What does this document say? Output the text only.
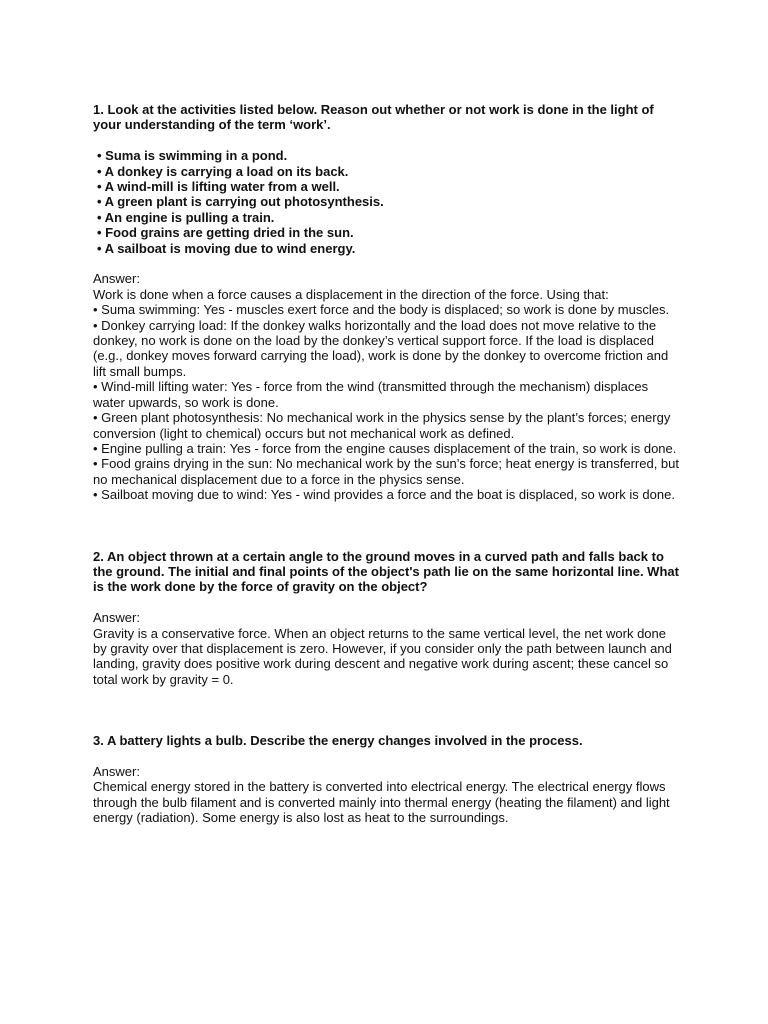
1. Look at the activities listed below. Reason out whether or not work is done in the light of your understanding of the term ‘work’.

• Suma is swimming in a pond.
• A donkey is carrying a load on its back.
• A wind-mill is lifting water from a well.
• A green plant is carrying out photosynthesis.
• An engine is pulling a train.
• Food grains are getting dried in the sun.
• A sailboat is moving due to wind energy.

Answer:

Work is done when a force causes a displacement in the direction of the force. Using that:

• Suma swimming: Yes - muscles exert force and the body is displaced; so work is done by muscles.

• Donkey carrying load: If the donkey walks horizontally and the load does not move relative to the donkey, no work is done on the load by the donkey’s vertical support force. If the load is displaced (e.g., donkey moves forward carrying the load), work is done by the donkey to overcome friction and lift small bumps.

• Wind-mill lifting water: Yes - force from the wind (transmitted through the mechanism) displaces water upwards, so work is done.

• Green plant photosynthesis: No mechanical work in the physics sense by the plant’s forces; energy conversion (light to chemical) occurs but not mechanical work as defined.

• Engine pulling a train: Yes - force from the engine causes displacement of the train, so work is done.

• Food grains drying in the sun: No mechanical work by the sun’s force; heat energy is transferred, but no mechanical displacement due to a force in the physics sense.

• Sailboat moving due to wind: Yes - wind provides a force and the boat is displaced, so work is done.

2. An object thrown at a certain angle to the ground moves in a curved path and falls back to the ground. The initial and final points of the object's path lie on the same horizontal line. What is the work done by the force of gravity on the object?

Answer:

Gravity is a conservative force. When an object returns to the same vertical level, the net work done by gravity over that displacement is zero. However, if you consider only the path between launch and landing, gravity does positive work during descent and negative work during ascent; these cancel so total work by gravity = 0.

3. A battery lights a bulb. Describe the energy changes involved in the process.

Answer:

Chemical energy stored in the battery is converted into electrical energy. The electrical energy flows through the bulb filament and is converted mainly into thermal energy (heating the filament) and light energy (radiation). Some energy is also lost as heat to the surroundings.
